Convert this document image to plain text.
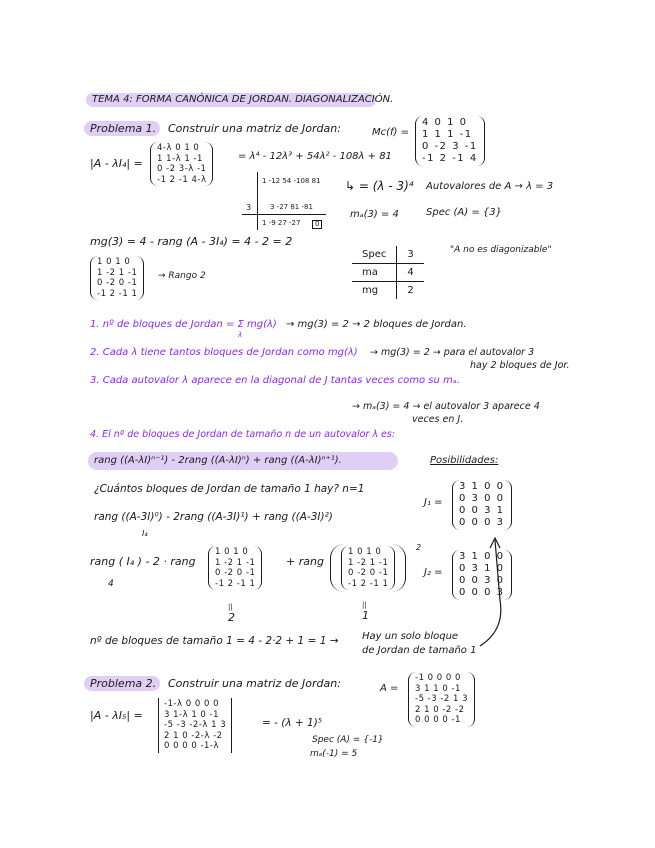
TEMA 4: FORMA CANÓNICA DE JORDAN. DIAGONALIZACIÓN.
Problema 1. Construir una matriz de Jordan:	Mc(f) =
4 0 1 0
1 1 1 -1
0 -2 3 -1
-1 2 -1 4
|A - λI₄| =
4-λ 0 1 0
1 1-λ 1 -1
0 -2 3-λ -1
-1 2 -1 4-λ
= λ⁴ - 12λ³ + 54λ² - 108λ + 81
1 -12 54 -108 81
3	3 -27 81 -81
1 -9 27 -27	0
↳ = (λ - 3)⁴ Autovalores de A → λ = 3
mₐ(3) = 4	Spec (A) = {3}
mg(3) = 4 - rang (A - 3I₄) = 4 - 2 = 2
1 0 1 0
1 -2 1 -1
0 -2 0 -1
-1 2 -1 1
→ Rango 2
Spec	3
ma	4
mg	2
"A no es diagonizable"
1. nº de bloques de Jordan = Σ mg(λ)
λ
→ mg(3) = 2 → 2 bloques de Jordan.
2. Cada λ tiene tantos bloques de Jordan como mg(λ) → mg(3) = 2 → para el autovalor 3
hay 2 bloques de Jor.
3. Cada autovalor λ aparece en la diagonal de J tantas veces como su mₐ.
→ mₐ(3) = 4 → el autovalor 3 aparece 4
veces en J.
4. El nº de bloques de Jordan de tamaño n de un autovalor λ es:
rang ((A-λI)ⁿ⁻¹) - 2rang ((A-λI)ⁿ) + rang ((A-λI)ⁿ⁺¹).	Posibilidades:
¿Cuántos bloques de Jordan de tamaño 1 hay? n=1
rang ((A-3I)⁰) - 2rang ((A-3I)¹) + rang ((A-3I)²)
I₄
J₁ =
3 1 0 0
0 3 0 0
0 0 3 1
0 0 0 3
rang ( I₄ ) - 2 · rang
4
1 0 1 0
1 -2 1 -1
0 -2 0 -1
-1 2 -1 1
+ rang
1 0 1 0
1 -2 1 -1
0 -2 0 -1
-1 2 -1 1
2
||
2
||
1
J₂ =
3 1 0 0
0 3 1 0
0 0 3 0
0 0 0 3
nº de bloques de tamaño 1 = 4 - 2·2 + 1 = 1 → Hay un solo bloque
de Jordan de tamaño 1
Problema 2. Construir una matriz de Jordan:	A =
-1 0 0 0 0
3 1 1 0 -1
-5 -3 -2 1 3
2 1 0 -2 -2
0 0 0 0 -1
|A - λI₅| =
-1-λ 0 0 0 0
3 1-λ 1 0 -1
-5 -3 -2-λ 1 3
2 1 0 -2-λ -2
0 0 0 0 -1-λ
= - (λ + 1)⁵
Spec (A) = {-1}
mₐ(-1) = 5
